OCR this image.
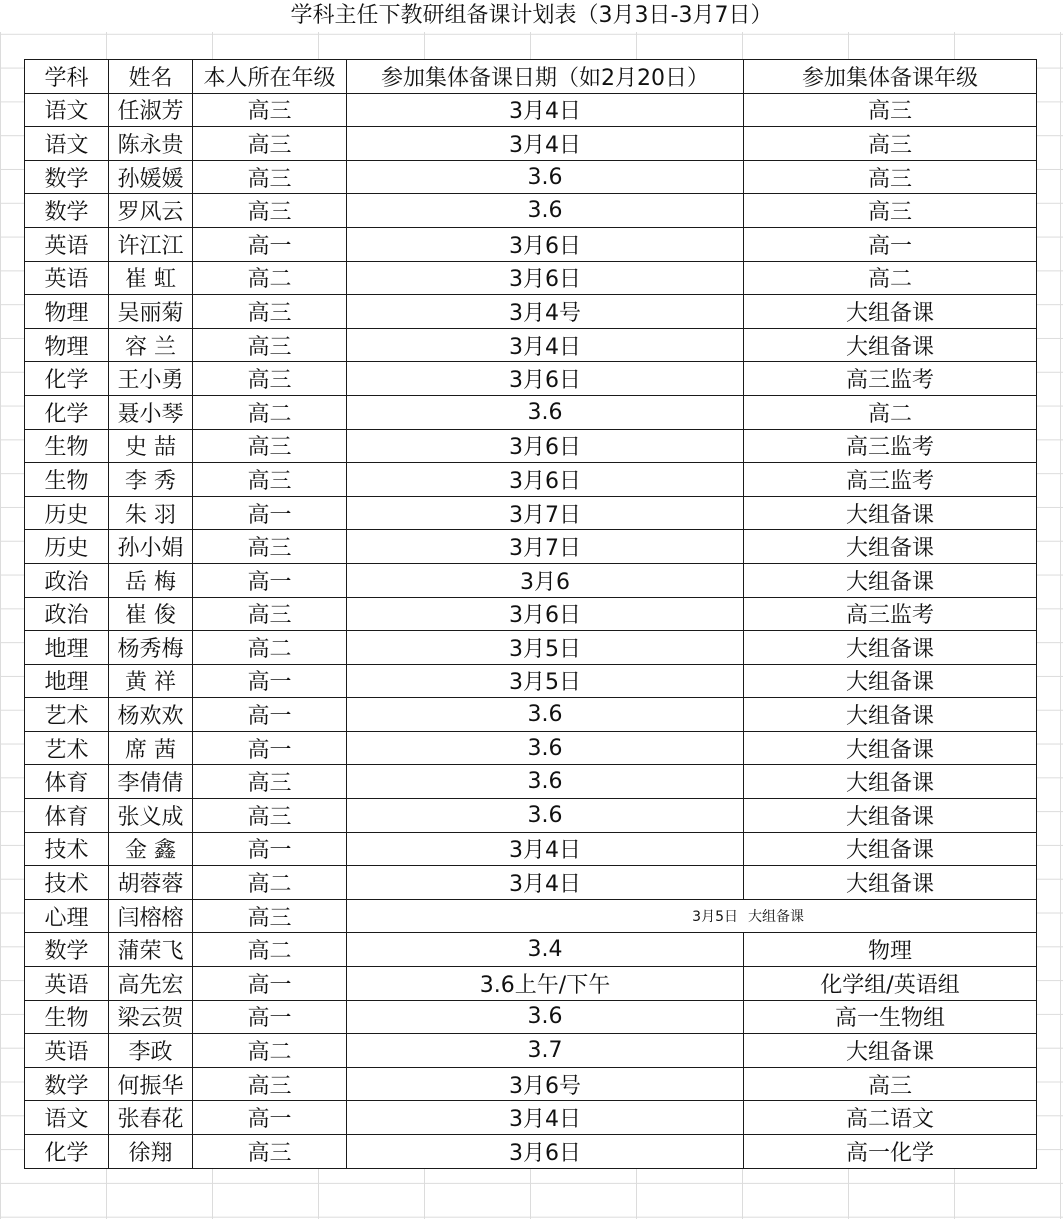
学科主任下教研组备课计划表（3月3日-3月7日）
学科	姓名	本人所在年级	参加集体备课日期（如2月20日）	参加集体备课年级
语文	任淑芳	高三	3月4日	高三
语文	陈永贵	高三	3月4日	高三
数学	孙媛媛	高三	3.6	高三
数学	罗风云	高三	3.6	高三
英语	许江江	高一	3月6日	高一
英语	崔 虹	高二	3月6日	高二
物理	吴丽菊	高三	3月4号	大组备课
物理	容 兰	高三	3月4日	大组备课
化学	王小勇	高三	3月6日	高三监考
化学	聂小琴	高二	3.6	高二
生物	史 喆	高三	3月6日	高三监考
生物	李 秀	高三	3月6日	高三监考
历史	朱 羽	高一	3月7日	大组备课
历史	孙小娟	高三	3月7日	大组备课
政治	岳 梅	高一	3月6	大组备课
政治	崔 俊	高三	3月6日	高三监考
地理	杨秀梅	高二	3月5日	大组备课
地理	黄 祥	高一	3月5日	大组备课
艺术	杨欢欢	高一	3.6	大组备课
艺术	席 茜	高一	3.6	大组备课
体育	李倩倩	高三	3.6	大组备课
体育	张义成	高三	3.6	大组备课
技术	金 鑫	高一	3月4日	大组备课
技术	胡蓉蓉	高二	3月4日	大组备课
心理	闫榕榕	高三	3月5日 大组备课	

数学	蒲荣飞	高二	3.4	物理
英语	高先宏	高一	3.6上午/下午	化学组/英语组
生物	梁云贺	高一	3.6	高一生物组
英语	李政	高二	3.7	大组备课
数学	何振华	高三	3月6号	高三
语文	张春花	高一	3月4日	高二语文
化学	徐翔	高三	3月6日	高一化学
